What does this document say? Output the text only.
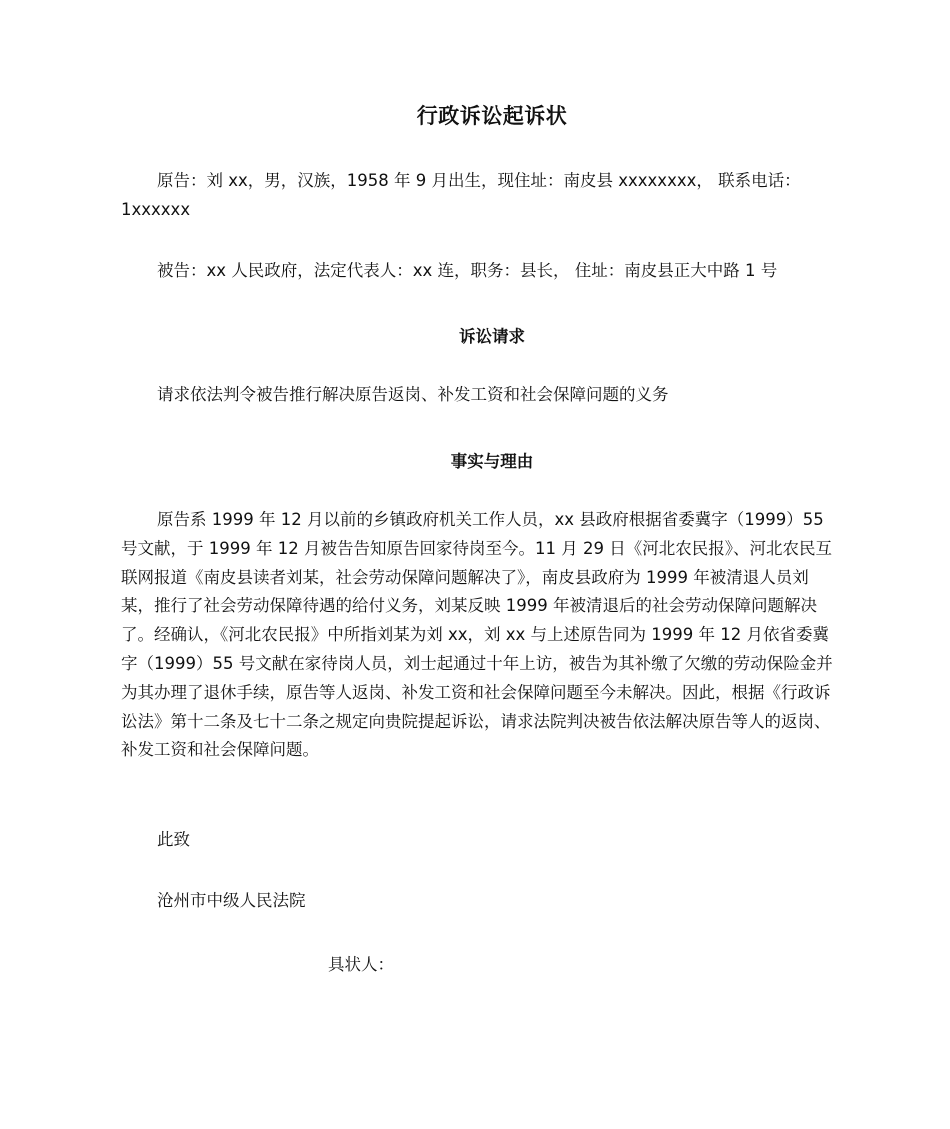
行政诉讼起诉状

原告：刘 xx，男，汉族，1958 年 9 月出生，现住址：南皮县 xxxxxxxx， 联系电话：1xxxxxx

被告：xx 人民政府，法定代表人：xx 连，职务：县长， 住址：南皮县正大中路 1 号

诉讼请求

请求依法判令被告推行解决原告返岗、补发工资和社会保障问题的义务

事实与理由

原告系 1999 年 12 月以前的乡镇政府机关工作人员，xx 县政府根据省委冀字（1999）55 号文献，于 1999 年 12 月被告告知原告回家待岗至今。11 月 29 日《河北农民报》、河北农民互联网报道《南皮县读者刘某，社会劳动保障问题解决了》，南皮县政府为 1999 年被清退人员刘某，推行了社会劳动保障待遇的给付义务，刘某反映 1999 年被清退后的社会劳动保障问题解决了。经确认，《河北农民报》中所指刘某为刘 xx，刘 xx 与上述原告同为 1999 年 12 月依省委冀字（1999）55 号文献在家待岗人员，刘士起通过十年上访，被告为其补缴了欠缴的劳动保险金并为其办理了退休手续，原告等人返岗、补发工资和社会保障问题至今未解决。因此，根据《行政诉讼法》第十二条及七十二条之规定向贵院提起诉讼，请求法院判决被告依法解决原告等人的返岗、补发工资和社会保障问题。

此致

沧州市中级人民法院

具状人：
